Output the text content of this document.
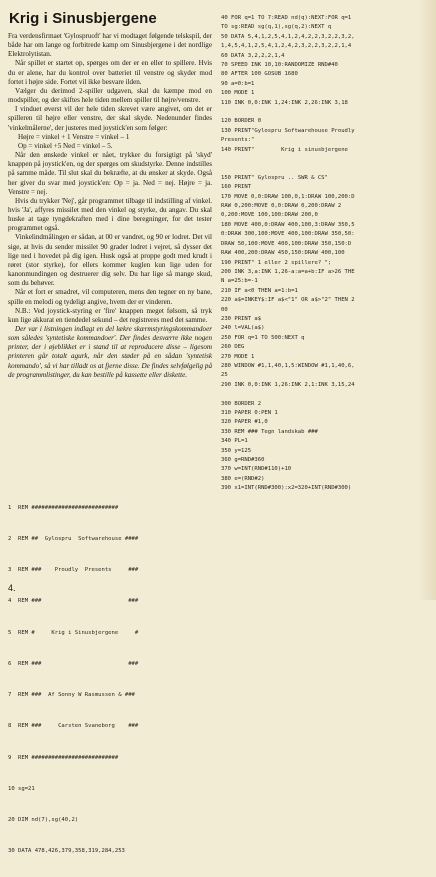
Krig i Sinusbjergene

Fra verdensfirmaet 'Gylospruoft' har vi modtaget følgende telskspil, der både har om lange og forbitrede kamp om Sinusbjergene i det nordlige Elektrolytistan.

Når spillet er startet op, spørges om der er en eller to spillere. Hvis du er alene, har du kontrol over batteriet til venstre og skyder mod fortet i højre side. Fortet vil ikke besvare ilden.

Vælger du derimod 2-spiller udgaven, skal du kæmpe mod en modspiller, og der skiftes hele tiden mellem spiller til højre/venstre.

I vinduet øverst vil der hele tiden skrevet være angivet, om det er spilleren til højre eller venstre, der skal skyde. Nedenunder findes 'vinkelmålerne', der justeres med joystick'en som følger:

Højre = vinkel + 1 Venstre = vinkel – 1

Op = vinkel +5 Ned = vinkel – 5.

Når den ønskede vinkel er nået, trykker du forsigtigt på 'skyd' knappen på joystick'en, og der spørges om skudstyrke. Denne indstilles på samme måde. Til slut skal du bekræfte, at du ønsker at skyde. Også her giver du svar med joystick'en: Op = ja. Ned = nej. Højre = ja. Venstre = nej.

Hvis du trykker 'Nej', går programmet tilbage til indstilling af vinkel. hvis 'Ja', affyres missilet med den vinkel og styrke, du angav. Du skal huske at tage tyngdekraften med i dine beregninger, for det tester programmet også.

Vinkelindmålingen er sådan, at 00 er vandret, og 90 er lodret. Det vil sige, at hvis du sender missilet 90 grader lodret i vejret, så dysser det lige ned i hovedet på dig igen. Husk også at proppe godt med krudt i røret (stor styrke), for ellers kommer kuglen kun lige uden for kanonmundingen og destruerer dig selv. Du har lige så mange skud, som du behøver.

Når et fort er smadret, vil computeren, mens den tegner en ny bane, spille en melodi og tydeligt angive, hvem der er vinderen.

N.B.: Ved joystick-styring er 'fire' knappen meget følsom, så tryk kun lige akkurat en tiendedel sekund – det registreres med det samme.

Der var i listningen indlagt en del lækre skærmstyringskommandoer som således 'syntetiske kommandoer'. Der findes desværre ikke nogen printer, der i øjeblikket er i stand til at reproducere disse – ligesom printeren går totalt agurk, når den støder på en sådan 'syntetisk kommando', så vi har tilladt os at fjerne disse. De findes selvfølgelig på de programmlistinger, du kan bestille på kassette eller diskette.

1  REM ##########################

2  REM ##  Gylospru  Softwarehouse ####

3  REM ###    Proudly  Presents     ###

4  REM ###                          ###

5  REM #     Krig i Sinusbjergene     #

6  REM ###                          ###

7  REM ###  Af Sonny W Rasmussen & ###

8  REM ###     Carsten Svaneborg    ###

9  REM ##########################

10 sg=21

20 DIM nd(7),sg(40,2)

30 DATA 478,426,379,358,319,284,253

40 FOR q=1 TO 7:READ nd(q):NEXT:FOR q=1
TO sg:READ sg(q,1),sg(q,2):NEXT q
50 DATA 5,4,1,2,5,4,1,2,4,2,2,3,2,2,3,2,
1,4,5,4,1,2,5,4,1,2,4,2,3,2,2,3,2,2,1,4
60 DATA 3,2,2,2,1,4
70 SPEED INK 10,10:RANDOMIZE RND#40
80 AFTER 100 GOSUB 1680
90 a=0:b=1
100 MODE 1
110 INK 0,0:INK 1,24:INK 2,26:INK 3,18
120 BORDER 0
130 PRINT"Gylospru Softwarehouse Proudly
Presents:"
140 PRINT"        Krig i sinusbjergene
150 PRINT" Gylospru .. SWR & CS"
160 PRINT
170 MOVE 0,0:DRAW 100,0,1:DRAW 100,200:D
RAW 0,200:MOVE 0,0:DRAW 0,200:DRAW 2
0,200:MOVE 100,100:DRAW 200,0
180 MOVE 400,0:DRAW 400,100,3:DRAW 350,5
0:DRAW 300,100:MOVE 400,100:DRAW 350,50:
DRAW 50,100:MOVE 400,100:DRAW 350,150:D
RAW 400,200:DRAW 450,150:DRAW 400,100
190 PRINT" 1 eller 2 spillere? ";
200 INK 3,a:INK 1,26-a:a=a+b:IF a>26 THE
N a=25:b=-1
210 IF a<0 THEN a=1:b=1
220 a$=INKEY$:IF a$<"1" OR a$>"2" THEN 2
00
230 PRINT a$
240 l=VAL(a$)
250 FOR q=1 TO 500:NEXT q
260 DEG
270 MODE 1
280 WINDOW #1,1,40,1,5:WINDOW #1,1,40,6,
25
290 INK 0,0:INK 1,26:INK 2,1:INK 3,15,24
300 BORDER 2
310 PAPER 0:PEN 1
320 PAPER #1,0
330 REM ### Tegn landskab ###
340 PL=1
350 y=125
360 g=RND#360
370 w=INT(RND#110)+10
380 e=(RND#2)
390 x1=INT(RND#300):x2=320+INT(RND#300)
4.
